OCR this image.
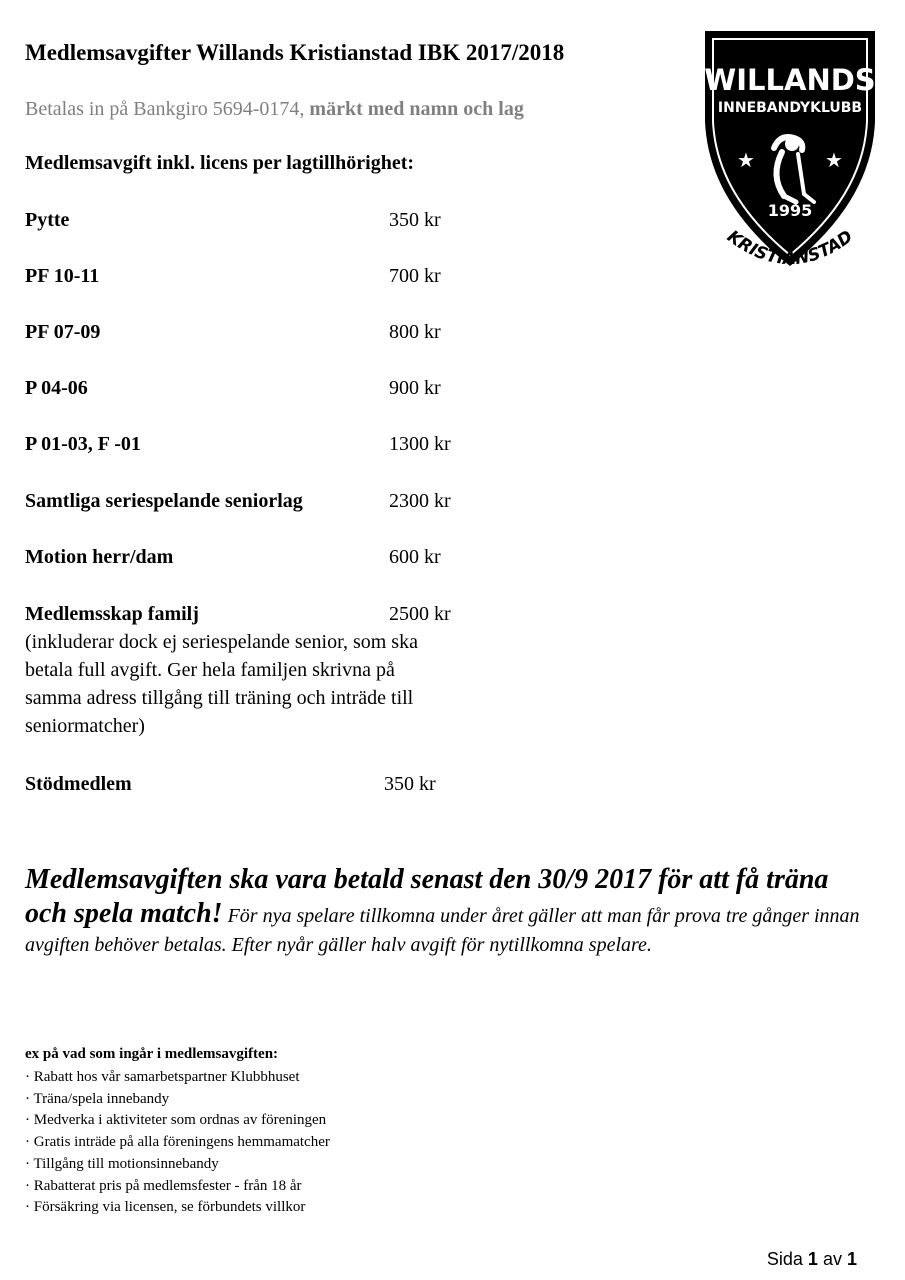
Medlemsavgifter Willands Kristianstad IBK 2017/2018
Betalas in på Bankgiro 5694-0174, märkt med namn och lag
Medlemsavgift inkl. licens per lagtillhörighet:
Pytte	350 kr
PF 10-11	700 kr
PF 07-09	800 kr
P 04-06	900 kr
P 01-03, F -01	1300 kr
Samtliga seriespelande seniorlag	2300 kr
Motion herr/dam	600 kr
Medlemsskap familj	2500 kr
(inkluderar dock ej seriespelande senior, som ska betala full avgift. Ger hela familjen skrivna på samma adress tillgång till träning och inträde till seniormatcher)
Stödmedlem	350 kr
Medlemsavgiften ska vara betald senast den 30/9 2017 för att få träna och spela match! För nya spelare tillkomna under året gäller att man får prova tre gånger innan avgiften behöver betalas. Efter nyår gäller halv avgift för nytillkomna spelare.
ex på vad som ingår i medlemsavgiften:
· Rabatt hos vår samarbetspartner Klubbhuset
· Träna/spela innebandy
· Medverka i aktiviteter som ordnas av föreningen
· Gratis inträde på alla föreningens hemmamatcher
· Tillgång till motionsinnebandy
· Rabatterat pris på medlemsfester - från 18 år
· Försäkring via licensen, se förbundets villkor
Sida 1 av 1
WILLANDS
INNEBANDYKLUBB
★	★
1995
KRISTIANSTAD
